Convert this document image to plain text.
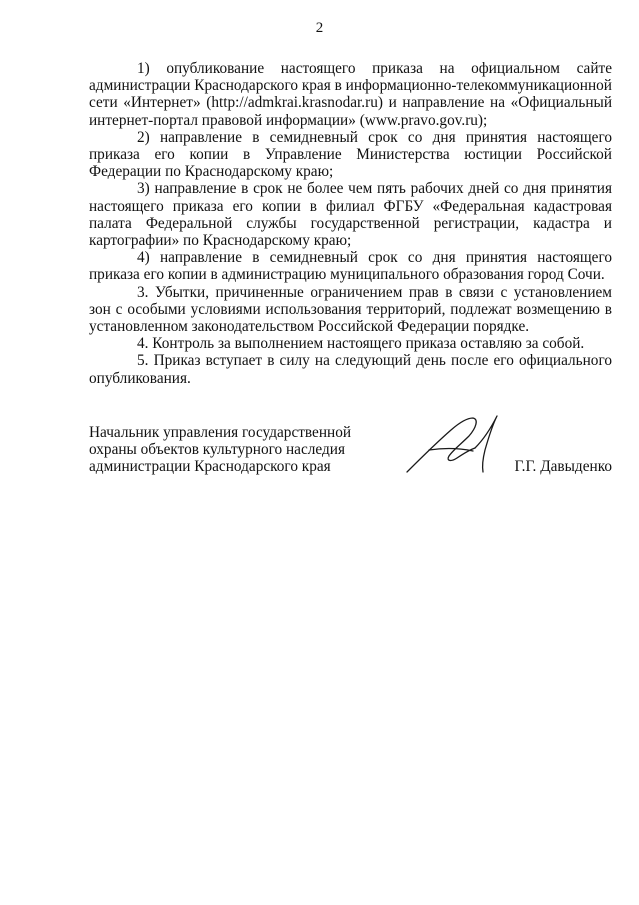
2

1) опубликование настоящего приказа на официальном сайте администрации Краснодарского края в информационно-телекоммуникационной сети «Интернет» (http://admkrai.krasnodar.ru) и направление на «Официальный интернет-портал правовой информации» (www.pravo.gov.ru);

2) направление в семидневный срок со дня принятия настоящего приказа его копии в Управление Министерства юстиции Российской Федерации по Краснодарскому краю;

3) направление в срок не более чем пять рабочих дней со дня принятия настоящего приказа его копии в филиал ФГБУ «Федеральная кадастровая палата Федеральной службы государственной регистрации, кадастра и картографии» по Краснодарскому краю;

4) направление в семидневный срок со дня принятия настоящего приказа его копии в администрацию муниципального образования город Сочи.

3. Убытки, причиненные ограничением прав в связи с установлением зон с особыми условиями использования территорий, подлежат возмещению в установленном законодательством Российской Федерации порядке.

4. Контроль за выполнением настоящего приказа оставляю за собой.

5. Приказ вступает в силу на следующий день после его официального опубликования.

Начальник управления государственной
охраны объектов культурного наследия
администрации Краснодарского края	Г.Г. Давыденко
